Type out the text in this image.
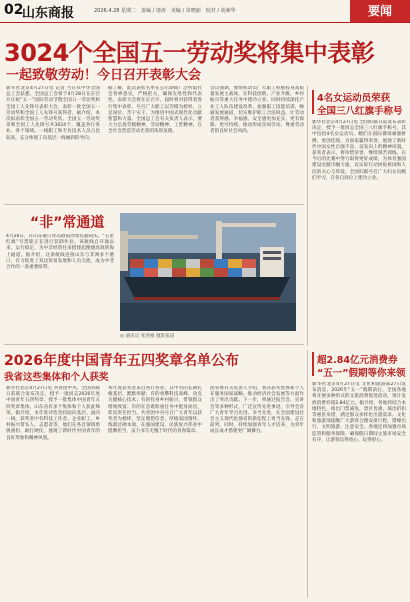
02
山东商报	2026.4.28 星期二　责编 / 诸涛　美编 / 苗晓丽　校对 / 胡素华	要闻
3024个全国五一劳动奖将集中表彰
一起致敬劳动！今日召开表彰大会
新华社北京4月27日电 记者 当日从中华全国总工会获悉，全国总工会将于4月28日在京召开庆祝“五一”国际劳动节暨全国五一劳动奖和全国工人先锋号表彰大会，表彰一批全国五一劳动奖和全国工人先锋号获得者。据介绍，本次拟表彰全国五一劳动奖状、全国五一劳动奖章和全国工人先锋号共3024个，覆盖各行各业、各个领域。一线职工和专业技术人员占比较高，充分体现了向基层一线倾斜的导向。
据了解，此次表彰名单在公示期间广泛听取社会各界意见，严格把关，确保先进性和代表性。表彰大会将在京召开，届时将对获得者进行集中表彰，号召广大职工以劳模为榜样，立足岗位、苦干实干，为推进中国式现代化贡献智慧和力量。全国总工会有关负责人表示，要大力弘扬劳模精神、劳动精神、工匠精神，在全社会营造劳动光荣的浓厚氛围。
会议强调，要组织动员广大职工积极投身高质量发展主战场，在科技创新、产业升级、乡村振兴等重大任务中建功立业。同时持续深化产业工人队伍建设改革，加强职工技能培训，畅通发展通道，切实维护职工合法权益，让劳动者获得感、幸福感、安全感更加充实、更有保障、更可持续，推动形成崇尚劳动、尊重劳动者的良好社会风尚。
4名女运动员荣获
全国三八红旗手称号
新华社北京4月27日电 全国妇联日前发布表彰决定，授予一批同志全国三八红旗手称号，其中包括4名女运动员。她们在国际赛场顽强拼搏、勇创佳绩，为国家赢得荣誉，展现了新时代中国女性自强不息、奋发向上的精神风貌。获奖者表示，将珍惜荣誉，继续刻苦训练，在今后的比赛中努力取得更好成绩，为体育强国建设贡献巾帼力量，以实际行动回报祖国和人民的关心与厚爱。全国妇联号召广大妇女向她们学习，在各自岗位上建功立业。
“非”常通道
4月26日，在山东港口青岛港前湾集装箱码头，“五星红旗”号货轮正在进行装卸作业。该航线自开通以来，运行稳定，为中非经贸往来搭建起便捷高效的海上通道。据介绍，这条航线连接山东与非洲多个港口，有力促进了双边贸易发展和人员交流，成为中非合作的一条重要纽带。
◎ 通讯员 张进刚 摄影报道
2026年度中国青年五四奖章名单公布
我省这些集体和个人获奖
新华社北京4月27日电 共青团中央、全国青联日前联合发布决定，授予一批同志2026年度中国青年五四奖章，授予一批集体中国青年五四奖章集体。山东省有多个集体和个人获此殊荣。据介绍，本年度评选坚持面向基层、面向一线，获奖者中有科技工作者、企业职工、乡村振兴带头人、志愿者等，他们在各自领域勇挑重担、敢打硬仗，展现了新时代中国青年的良好形象和精神风貌。
本年度获奖者来自各行各业，其中有的长期扎根基层，默默奉献；有的勇攀科技高峰，攻克关键核心技术；有的投身乡村振兴，带领群众增收致富；有的在急难险重任务中挺身而出，彰显责任担当。共青团中央号召广大青年以获奖者为榜样，坚定理想信念，厚植家国情怀，练就过硬本领，在强国建设、民族复兴伟业中挺膺担当，奋力书写无愧于时代的青春篇章。
团省委有关负责人介绍，我省获奖集体和个人在服务国家战略、推动经济社会发展等方面作出了突出贡献。下一步，将通过报告会、宣讲会等多种形式，广泛宣传先进事迹，引导全省广大青年学习先进、争当先进，在全面建设社会主义现代化强省的新征程上勇当先锋、走在前列。同时，持续加强青年人才培养，为青年成长成才搭建更广阔舞台。
超2.84亿元消费券
“五一”假期等你来领
新华社北京4月27日电 文化和旅游部27日发布消息，2026年“五一”假期前后，全国各地将开展多种形式的文旅消费促进活动，预计发放消费券超2.84亿元。据介绍，各地将结合本地特色，推出门票减免、景区优惠、演出折扣等惠民举措，满足群众多样化出游需求。文化和旅游部提醒广大游客合理安排行程，错峰出行，文明旅游，注意安全。各地还将加强市场监管和服务保障，确保假日期间文旅市场安全有序，让游客玩得放心、玩得舒心。
